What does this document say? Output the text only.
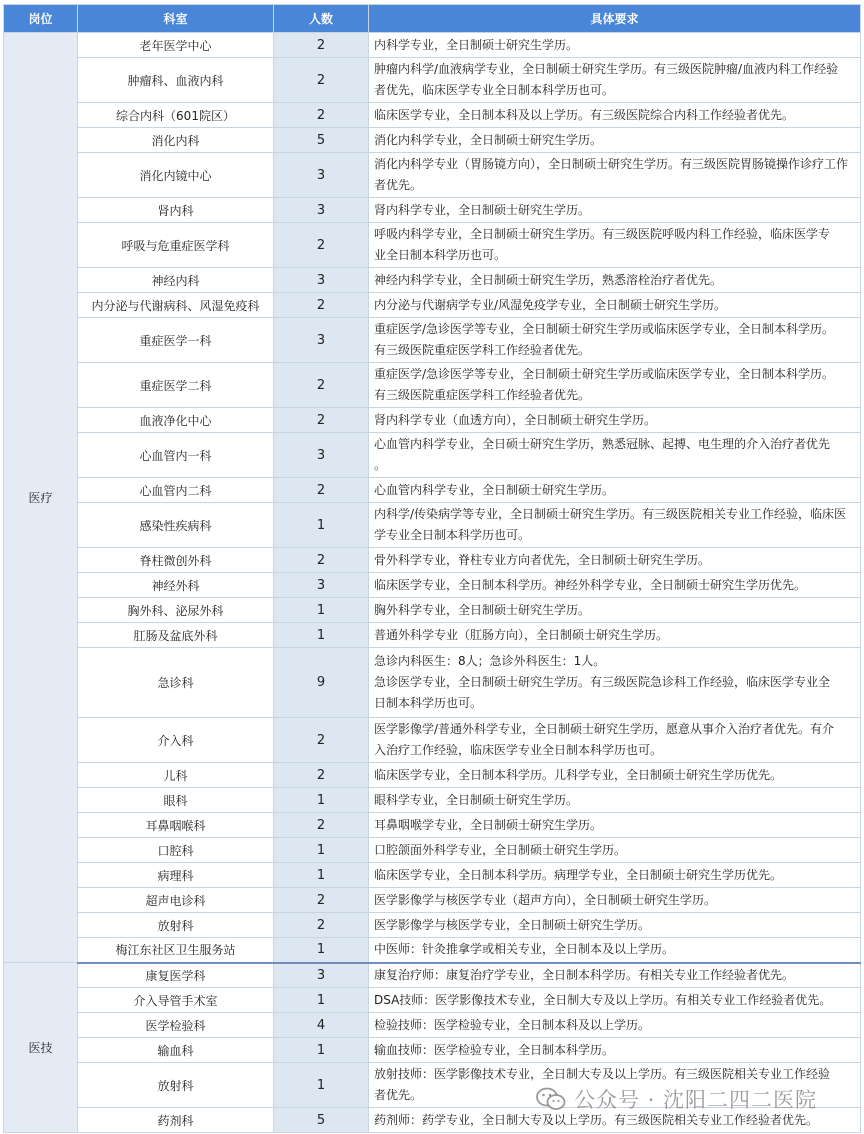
岗位	科室	人数	具体要求
医疗	老年医学中心	2	内科学专业，全日制硕士研究生学历。

	肿瘤科、血液内科	2	肿瘤内科学/血液病学专业，全日制硕士研究生学历。有三级医院肿瘤/血液内科工作经验
者优先，临床医学专业全日制本科学历也可。

	综合内科（601院区）	2	临床医学专业，全日制本科及以上学历。有三级医院综合内科工作经验者优先。

	消化内科	5	消化内科学专业，全日制硕士研究生学历。

	消化内镜中心	3	消化内科学专业（胃肠镜方向），全日制硕士研究生学历。有三级医院胃肠镜操作诊疗工作
者优先。

	肾内科	3	肾内科学专业，全日制硕士研究生学历。

	呼吸与危重症医学科	2	呼吸内科学专业，全日制硕士研究生学历。有三级医院呼吸内科工作经验，临床医学专
业全日制本科学历也可。

	神经内科	3	神经内科学专业，全日制硕士研究生学历，熟悉溶栓治疗者优先。

	内分泌与代谢病科、风湿免疫科	2	内分泌与代谢病学专业/风湿免疫学专业，全日制硕士研究生学历。

	重症医学一科	3	重症医学/急诊医学等专业，全日制硕士研究生学历或临床医学专业，全日制本科学历。
有三级医院重症医学科工作经验者优先。

	重症医学二科	2	重症医学/急诊医学等专业，全日制硕士研究生学历或临床医学专业，全日制本科学历。
有三级医院重症医学科工作经验者优先。

	血液净化中心	2	肾内科学专业（血透方向），全日制硕士研究生学历。

	心血管内一科	3	心血管内科学专业，全日硕士研究生学历，熟悉冠脉、起搏、电生理的介入治疗者优先
。

	心血管内二科	2	心血管内科学专业，全日制硕士研究生学历。

	感染性疾病科	1	内科学/传染病学等专业，全日制硕士研究生学历。有三级医院相关专业工作经验，临床医
学专业全日制本科学历也可。

	脊柱微创外科	2	骨外科学专业，脊柱专业方向者优先，全日制硕士研究生学历。

	神经外科	3	临床医学专业，全日制本科学历。神经外科学专业，全日制硕士研究生学历优先。

	胸外科、泌尿外科	1	胸外科学专业，全日制硕士研究生学历。

	肛肠及盆底外科	1	普通外科学专业（肛肠方向），全日制硕士研究生学历。

	急诊科	9	急诊内科医生：8人；急诊外科医生：1人。
急诊医学专业，全日制硕士研究生学历。有三级医院急诊科工作经验，临床医学专业全
日制本科学历也可。

	介入科	2	医学影像学/普通外科学专业，全日制硕士研究生学历，愿意从事介入治疗者优先。有介
入治疗工作经验，临床医学专业全日制本科学历也可。

	儿科	2	临床医学专业，全日制本科学历。儿科学专业，全日制硕士研究生学历优先。

	眼科	1	眼科学专业，全日制硕士研究生学历。

	耳鼻咽喉科	2	耳鼻咽喉学专业，全日制硕士研究生学历。

	口腔科	1	口腔颌面外科学专业，全日制硕士研究生学历。

	病理科	1	临床医学专业，全日制本科学历。病理学专业，全日制硕士研究生学历优先。

	超声电诊科	2	医学影像学与核医学专业（超声方向），全日制硕士研究生学历。

	放射科	2	医学影像学与核医学专业，全日制硕士研究生学历。

	梅江东社区卫生服务站	1	中医师：针灸推拿学或相关专业，全日制本及以上学历。

医技	康复医学科	3	康复治疗师：康复治疗学专业，全日制本科学历。有相关专业工作经验者优先。

	介入导管手术室	1	DSA技师：医学影像技术专业，全日制大专及以上学历。有相关专业工作经验者优先。

	医学检验科	4	检验技师：医学检验专业，全日制本科及以上学历。

	输血科	1	输血技师：医学检验专业，全日制本科学历。

	放射科	1	放射技师：医学影像技术专业，全日制大专及以上学历。有三级医院相关专业工作经验
者优先。

	药剂科	5	药剂师：药学专业，全日制大专及以上学历。有三级医院相关专业工作经验者优先。
公众号 · 沈阳二四二医院
